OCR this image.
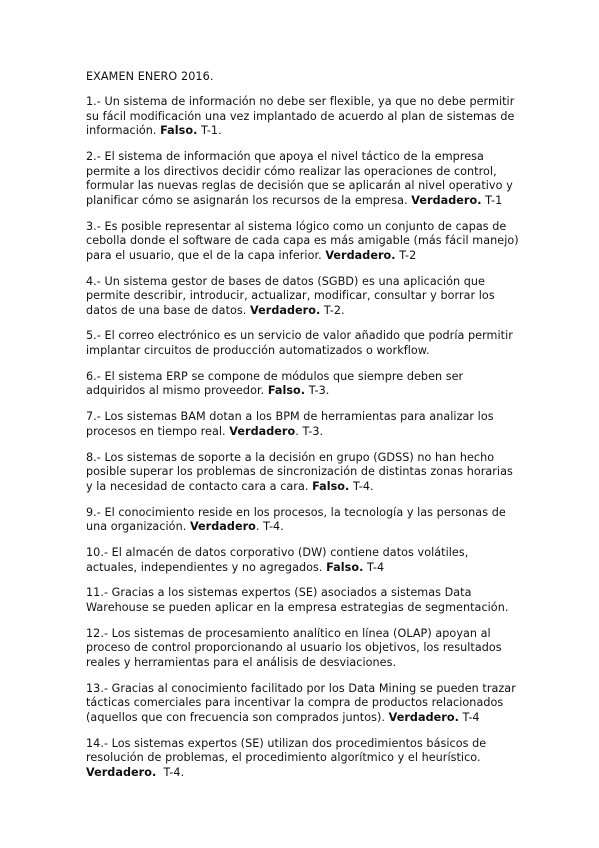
EXAMEN ENERO 2016.
1.- Un sistema de información no debe ser flexible, ya que no debe permitir su fácil modificación una vez implantado de acuerdo al plan de sistemas de información. Falso. T-1.
2.- El sistema de información que apoya el nivel táctico de la empresa permite a los directivos decidir cómo realizar las operaciones de control, formular las nuevas reglas de decisión que se aplicarán al nivel operativo y planificar cómo se asignarán los recursos de la empresa. Verdadero. T-1
3.- Es posible representar al sistema lógico como un conjunto de capas de cebolla donde el software de cada capa es más amigable (más fácil manejo) para el usuario, que el de la capa inferior. Verdadero. T-2
4.- Un sistema gestor de bases de datos (SGBD) es una aplicación que permite describir, introducir, actualizar, modificar, consultar y borrar los datos de una base de datos. Verdadero. T-2.
5.- El correo electrónico es un servicio de valor añadido que podría permitir implantar circuitos de producción automatizados o workflow.
6.- El sistema ERP se compone de módulos que siempre deben ser adquiridos al mismo proveedor. Falso. T-3.
7.- Los sistemas BAM dotan a los BPM de herramientas para analizar los procesos en tiempo real. Verdadero. T-3.
8.- Los sistemas de soporte a la decisión en grupo (GDSS) no han hecho posible superar los problemas de sincronización de distintas zonas horarias y la necesidad de contacto cara a cara. Falso. T-4.
9.- El conocimiento reside en los procesos, la tecnología y las personas de una organización. Verdadero. T-4.
10.- El almacén de datos corporativo (DW) contiene datos volátiles, actuales, independientes y no agregados. Falso. T-4
11.- Gracias a los sistemas expertos (SE) asociados a sistemas Data Warehouse se pueden aplicar en la empresa estrategias de segmentación.
12.- Los sistemas de procesamiento analítico en línea (OLAP) apoyan al proceso de control proporcionando al usuario los objetivos, los resultados reales y herramientas para el análisis de desviaciones.
13.- Gracias al conocimiento facilitado por los Data Mining se pueden trazar tácticas comerciales para incentivar la compra de productos relacionados (aquellos que con frecuencia son comprados juntos). Verdadero. T-4
14.- Los sistemas expertos (SE) utilizan dos procedimientos básicos de resolución de problemas, el procedimiento algorítmico y el heurístico.
Verdadero.  T-4.
